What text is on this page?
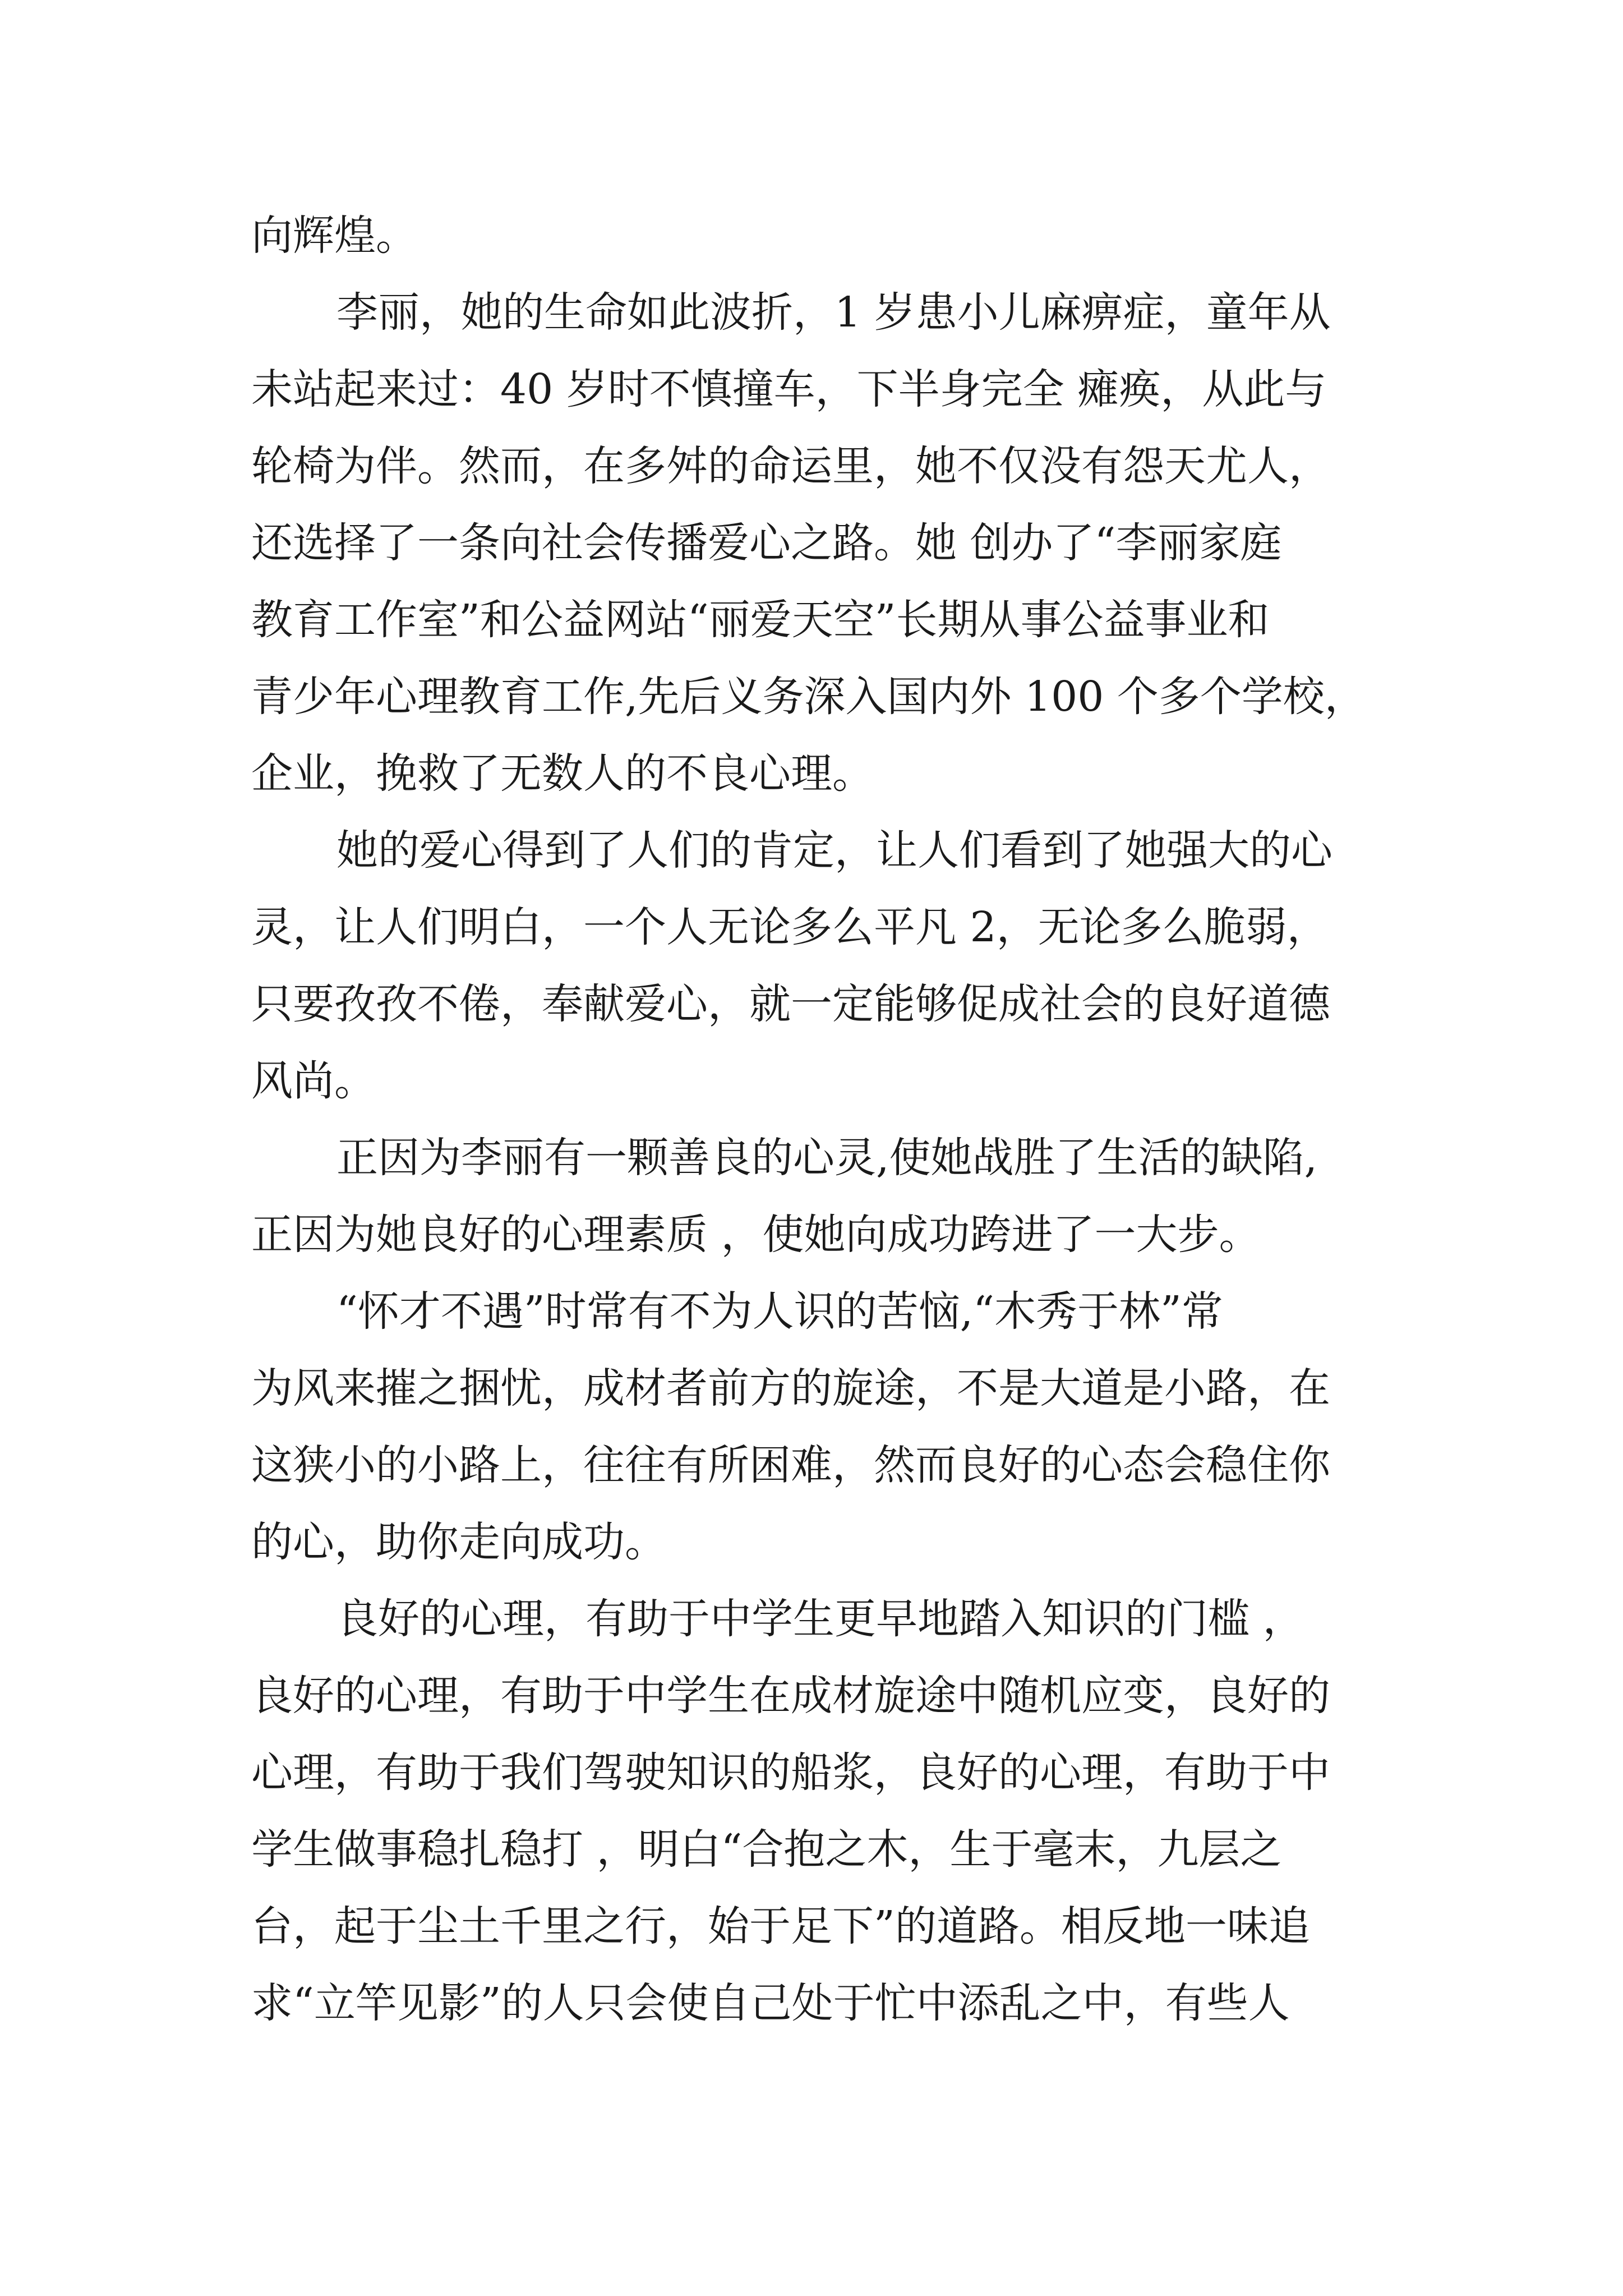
向辉煌。
李丽，她的生命如此波折，1 岁患小儿麻痹症，童年从
未站起来过：40 岁时不慎撞车，下半身完全 瘫痪，从此与
轮椅为伴。然而，在多舛的命运里，她不仅没有怨天尤人，
还选择了一条向社会传播爱心之路。她 创办了“李丽家庭
教育工作室”和公益网站“丽爱天空”长期从事公益事业和
青少年心理教育工作,先后义务深入国内外 100 个多个学校，
企业，挽救了无数人的不良心理。
她的爱心得到了人们的肯定，让人们看到了她强大的心
灵，让人们明白，一个人无论多么平凡 2，无论多么脆弱，
只要孜孜不倦，奉献爱心，就一定能够促成社会的良好道德
风尚。
正因为李丽有一颗善良的心灵,使她战胜了生活的缺陷,
正因为她良好的心理素质 ，使她向成功跨进了一大步。
“怀才不遇”时常有不为人识的苦恼,“木秀于林”常
为风来摧之捆忧，成材者前方的旋途，不是大道是小路，在
这狭小的小路上，往往有所困难，然而良好的心态会稳住你
的心，助你走向成功。
良好的心理，有助于中学生更早地踏入知识的门槛 ，
良好的心理，有助于中学生在成材旋途中随机应变，良好的
心理，有助于我们驾驶知识的船浆，良好的心理，有助于中
学生做事稳扎稳打 ，明白“合抱之木，生于毫末，九层之
台，起于尘土千里之行，始于足下”的道路。相反地一味追
求“立竿见影”的人只会使自己处于忙中添乱之中，有些人
